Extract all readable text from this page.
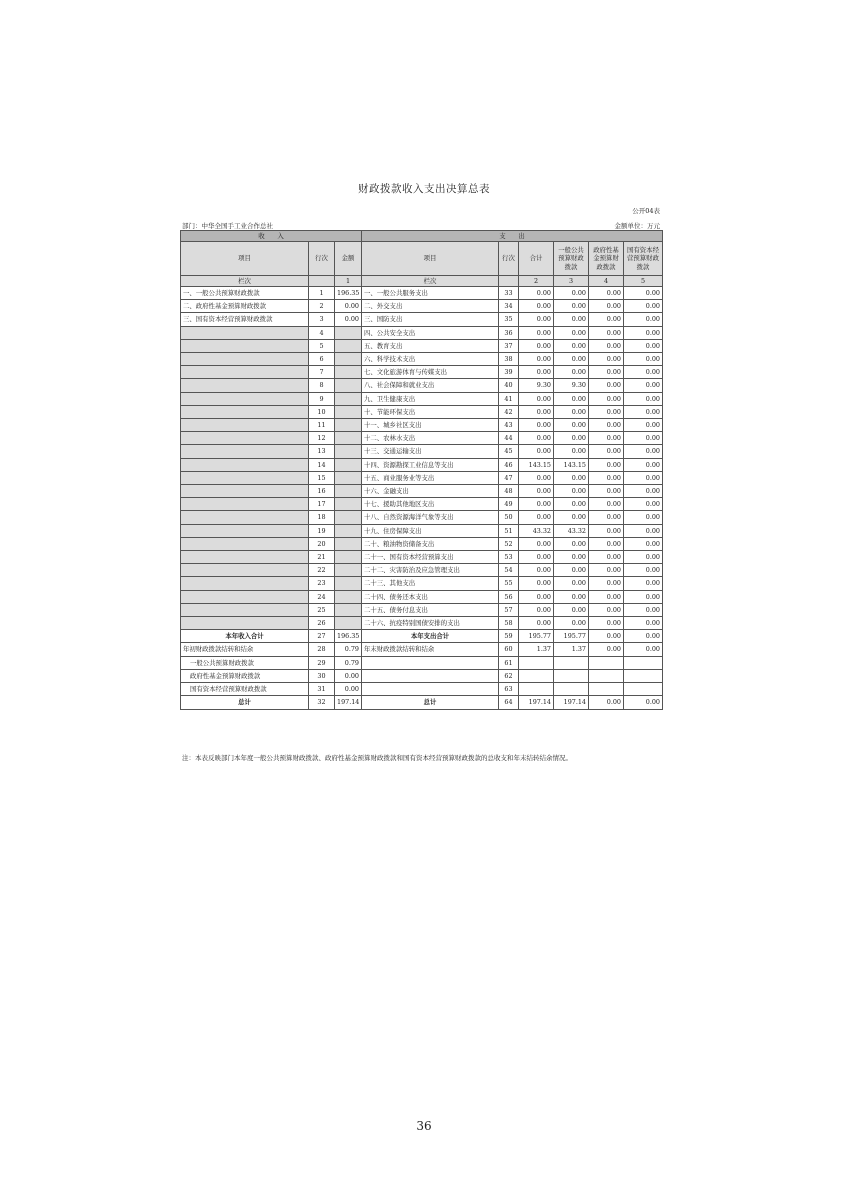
财政拨款收入支出决算总表
公开04表
部门：中华全国手工业合作总社	金额单位：万元
收　　入			支　　出					
项目	行次	金额	项目	行次	合计	一般公共预算财政拨款	政府性基金预算财政拨款	国有资本经营预算财政拨款
栏次		1	栏次		2	3	4	5
一、一般公共预算财政拨款	1	196.35	一、一般公共服务支出	33	0.00	0.00	0.00	0.00
二、政府性基金预算财政拨款	2	0.00	二、外交支出	34	0.00	0.00	0.00	0.00
三、国有资本经营预算财政拨款	3	0.00	三、国防支出	35	0.00	0.00	0.00	0.00
	4		四、公共安全支出	36	0.00	0.00	0.00	0.00
	5		五、教育支出	37	0.00	0.00	0.00	0.00
	6		六、科学技术支出	38	0.00	0.00	0.00	0.00
	7		七、文化旅游体育与传媒支出	39	0.00	0.00	0.00	0.00
	8		八、社会保障和就业支出	40	9.30	9.30	0.00	0.00
	9		九、卫生健康支出	41	0.00	0.00	0.00	0.00
	10		十、节能环保支出	42	0.00	0.00	0.00	0.00
	11		十一、城乡社区支出	43	0.00	0.00	0.00	0.00
	12		十二、农林水支出	44	0.00	0.00	0.00	0.00
	13		十三、交通运输支出	45	0.00	0.00	0.00	0.00
	14		十四、资源勘探工业信息等支出	46	143.15	143.15	0.00	0.00
	15		十五、商业服务业等支出	47	0.00	0.00	0.00	0.00
	16		十六、金融支出	48	0.00	0.00	0.00	0.00
	17		十七、援助其他地区支出	49	0.00	0.00	0.00	0.00
	18		十八、自然资源海洋气象等支出	50	0.00	0.00	0.00	0.00
	19		十九、住房保障支出	51	43.32	43.32	0.00	0.00
	20		二十、粮油物资储备支出	52	0.00	0.00	0.00	0.00
	21		二十一、国有资本经营预算支出	53	0.00	0.00	0.00	0.00
	22		二十二、灾害防治及应急管理支出	54	0.00	0.00	0.00	0.00
	23		二十三、其他支出	55	0.00	0.00	0.00	0.00
	24		二十四、债务还本支出	56	0.00	0.00	0.00	0.00
	25		二十五、债务付息支出	57	0.00	0.00	0.00	0.00
	26		二十六、抗疫特别国债安排的支出	58	0.00	0.00	0.00	0.00
本年收入合计	27	196.35	本年支出合计	59	195.77	195.77	0.00	0.00
年初财政拨款结转和结余	28	0.79	年末财政拨款结转和结余	60	1.37	1.37	0.00	0.00
一般公共预算财政拨款	29	0.79		61				
政府性基金预算财政拨款	30	0.00		62				
国有资本经营预算财政拨款	31	0.00		63				
总计	32	197.14	总计	64	197.14	197.14	0.00	0.00
注：本表反映部门本年度一般公共预算财政拨款、政府性基金预算财政拨款和国有资本经营预算财政拨款的总收支和年末结转结余情况。
36
